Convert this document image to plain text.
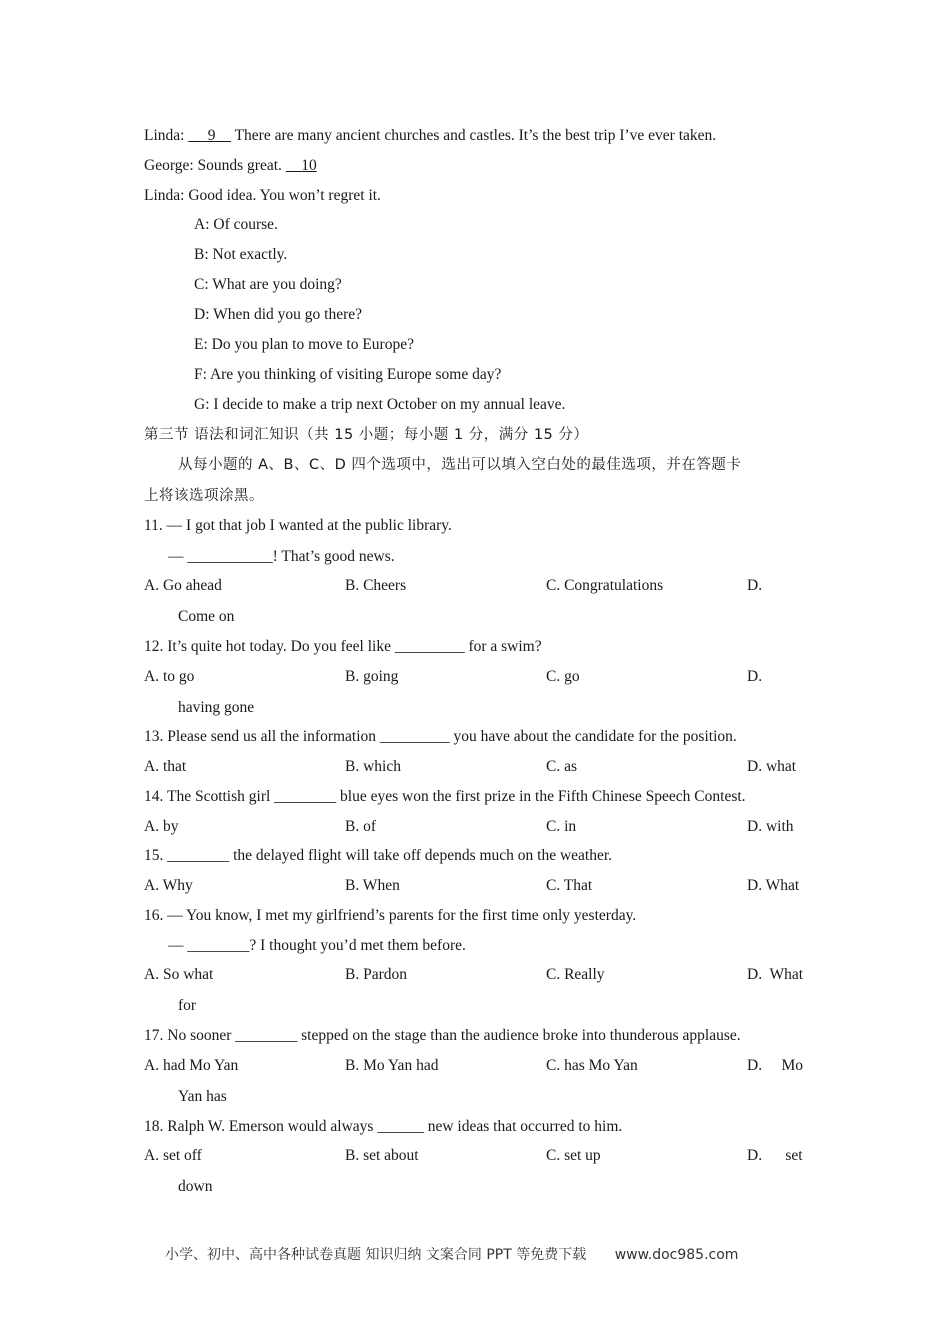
Linda: 9 There are many ancient churches and castles. It’s the best trip I’ve ever taken.
George: Sounds great. 10
Linda: Good idea. You won’t regret it.
A: Of course.
B: Not exactly.
C: What are you doing?
D: When did you go there?
E: Do you plan to move to Europe?
F: Are you thinking of visiting Europe some day?
G: I decide to make a trip next October on my annual leave.
第三节 语法和词汇知识（共 15 小题；每小题 1 分，满分 15 分）
从每小题的 A、B、C、D 四个选项中，选出可以填入空白处的最佳选项，并在答题卡
上将该选项涂黑。
11. — I got that job I wanted at the public library.
— ___________! That’s good news.
A. Go ahead	B. Cheers	C. Congratulations	D.
Come on
12. It’s quite hot today. Do you feel like _________ for a swim?
A. to go	B. going	C. go	D.
having gone
13. Please send us all the information _________ you have about the candidate for the position.
A. that	B. which	C. as	D. what
14. The Scottish girl ________ blue eyes won the first prize in the Fifth Chinese Speech Contest.
A. by	B. of	C. in	D. with
15. ________ the delayed flight will take off depends much on the weather.
A. Why	B. When	C. That	D. What
16. — You know, I met my girlfriend’s parents for the first time only yesterday.
— ________? I thought you’d met them before.
A. So what	B. Pardon	C. Really	D.  What
for
17. No sooner ________ stepped on the stage than the audience broke into thunderous applause.
A. had Mo Yan	B. Mo Yan had	C. has Mo Yan	D.     Mo
Yan has
18. Ralph W. Emerson would always ______ new ideas that occurred to him.
A. set off	B. set about	C. set up	D.      set
down
小学、初中、高中各种试卷真题 知识归纳 文案合同 PPT 等免费下载 www.doc985.com
